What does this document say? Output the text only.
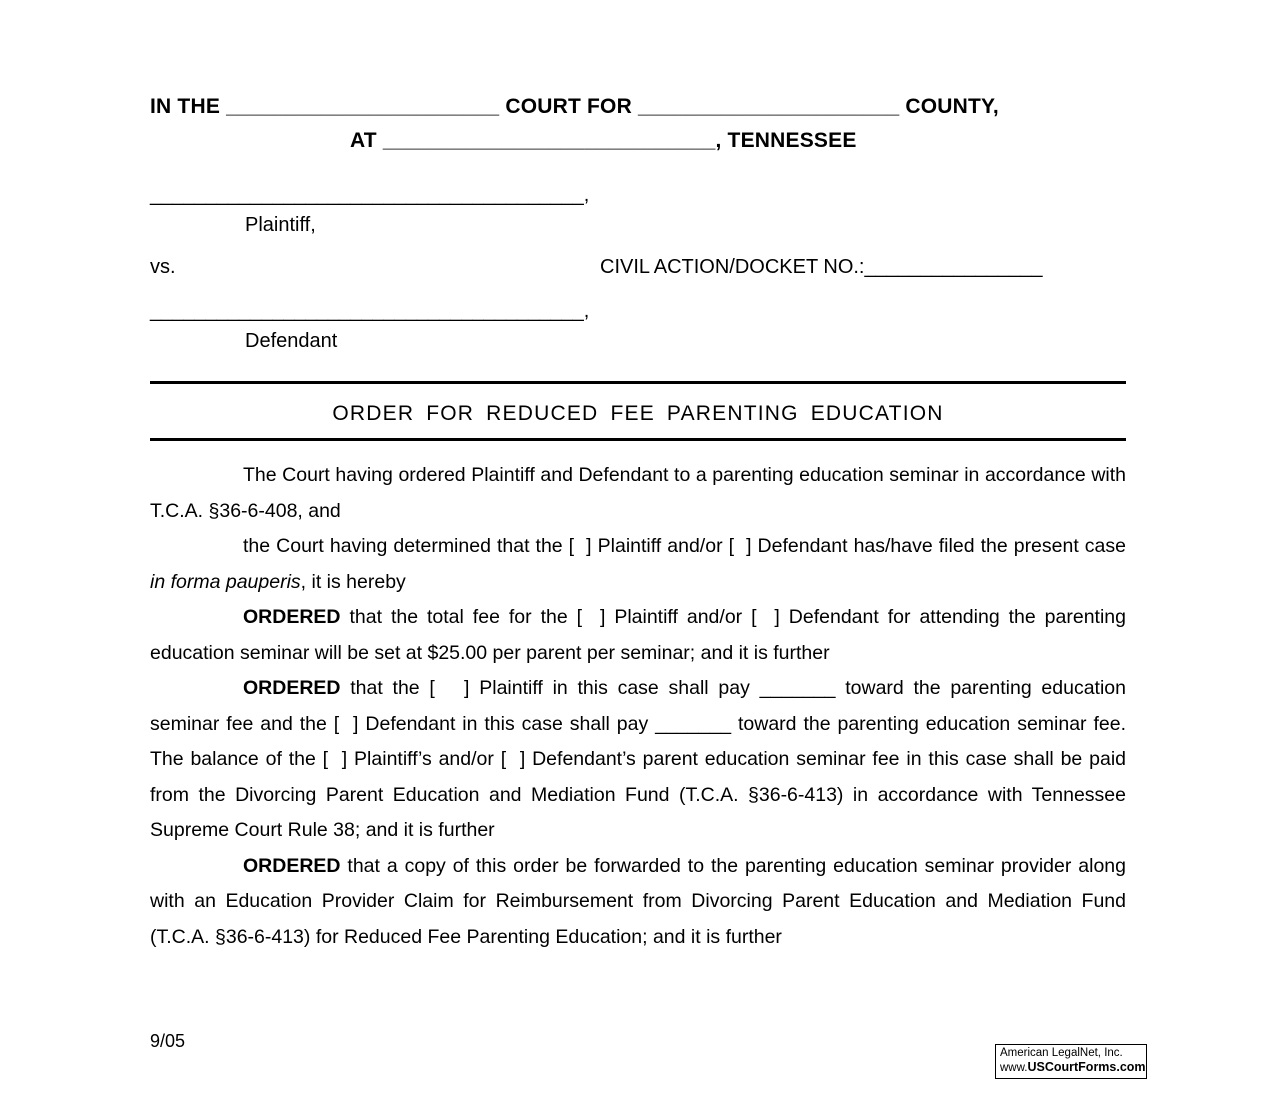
IN THE _______________________ COURT FOR ______________________ COUNTY,
AT ____________________________, TENNESSEE
_______________________________________,
Plaintiff,
vs.	CIVIL ACTION/DOCKET NO.:________________
_______________________________________,
Defendant
ORDER FOR REDUCED FEE PARENTING EDUCATION

The Court having ordered Plaintiff and Defendant to a parenting education seminar in accordance with T.C.A. §36-6-408, and

the Court having determined that the [  ] Plaintiff and/or [  ] Defendant has/have filed the present case in forma pauperis, it is hereby

ORDERED that the total fee for the [  ] Plaintiff and/or [  ] Defendant for attending the parenting education seminar will be set at $25.00 per parent per seminar; and it is further

ORDERED that the [   ] Plaintiff in this case shall pay _______ toward the parenting education seminar fee and the [  ] Defendant in this case shall pay _______ toward the parenting education seminar fee. The balance of the [  ] Plaintiff’s and/or [  ] Defendant’s parent education seminar fee in this case shall be paid from the Divorcing Parent Education and Mediation Fund (T.C.A. §36-6-413) in accordance with Tennessee Supreme Court Rule 38; and it is further

ORDERED that a copy of this order be forwarded to the parenting education seminar provider along with an Education Provider Claim for Reimbursement from Divorcing Parent Education and Mediation Fund (T.C.A. §36-6-413) for Reduced Fee Parenting Education; and it is further

9/05
American LegalNet, Inc.
www.USCourtForms.com
